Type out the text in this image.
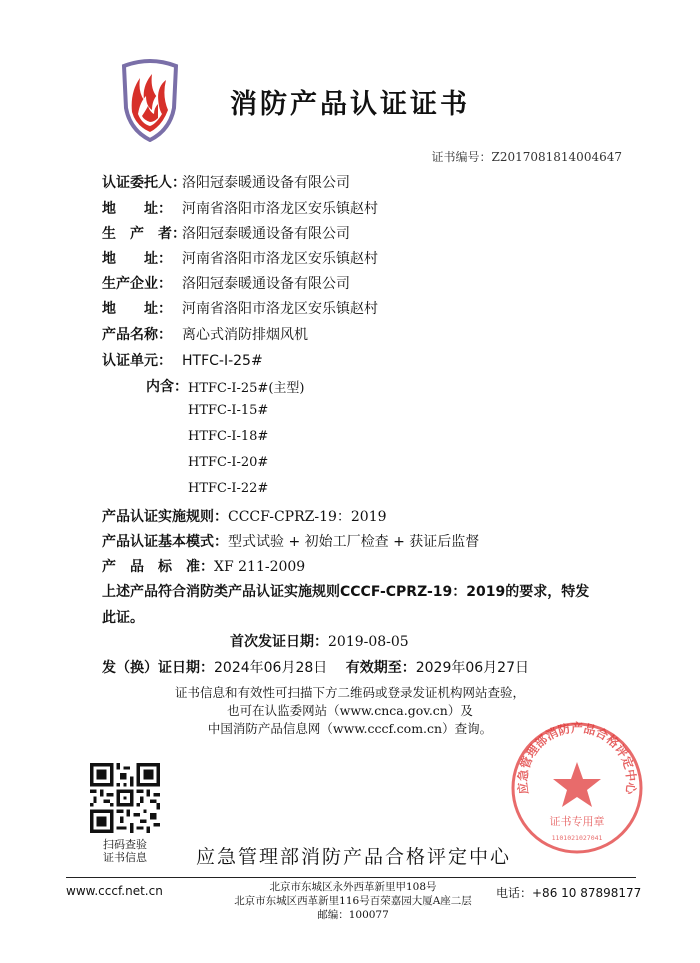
消防产品认证证书
证书编号：Z2017081814004647
认证委托人：洛阳冠泰暖通设备有限公司
地　　址： 河南省洛阳市洛龙区安乐镇赵村
生　产　者：洛阳冠泰暖通设备有限公司
地　　址： 河南省洛阳市洛龙区安乐镇赵村
生产企业： 洛阳冠泰暖通设备有限公司
地　　址： 河南省洛阳市洛龙区安乐镇赵村
产品名称： 离心式消防排烟风机
认证单元： HTFC-I-25#
内含： HTFC-I-25#(主型)
HTFC-I-15#
HTFC-I-18#
HTFC-I-20#
HTFC-I-22#
产品认证实施规则：CCCF-CPRZ-19：2019
产品认证基本模式：型式试验 + 初始工厂检查 + 获证后监督
产　品　标　准：XF 211-2009
上述产品符合消防类产品认证实施规则CCCF-CPRZ-19：2019的要求，特发
此证。
首次发证日期：2019-08-05
发（换）证日期：2024年06月28日 有效期至：2029年06月27日
证书信息和有效性可扫描下方二维码或登录发证机构网站查验，
也可在认监委网站（www.cnca.gov.cn）及
中国消防产品信息网（www.cccf.com.cn）查询。
扫码查验
证书信息	应急管理部消防产品合格评定中心
应急管理部消防产品合格评定中心
证书专用章
1101021027041
www.cccf.net.cn	北京市东城区永外西革新里甲108号
北京市东城区西革新里116号百荣嘉园大厦A座二层
邮编：100077
电话：+86 10 87898177
